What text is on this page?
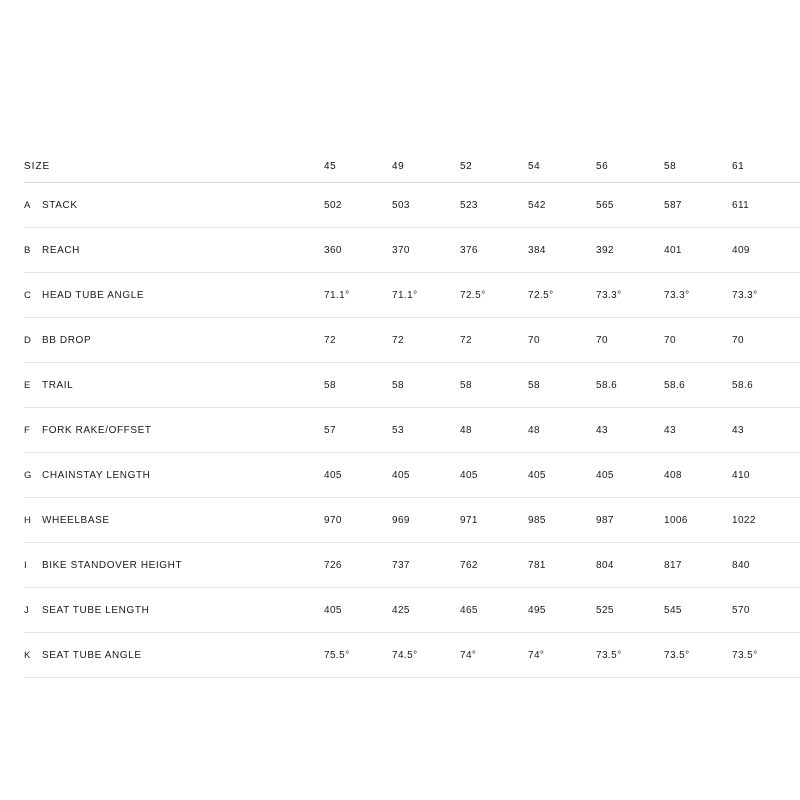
SIZE	45	49	52	54	56	58	61
A STACK	502	503	523	542	565	587	611
B REACH	360	370	376	384	392	401	409
C HEAD TUBE ANGLE	71.1°	71.1°	72.5°	72.5°	73.3°	73.3°	73.3°
D BB DROP	72	72	72	70	70	70	70
E TRAIL	58	58	58	58	58.6	58.6	58.6
F FORK RAKE/OFFSET	57	53	48	48	43	43	43
G CHAINSTAY LENGTH	405	405	405	405	405	408	410
H WHEELBASE	970	969	971	985	987	1006	1022
I BIKE STANDOVER HEIGHT	726	737	762	781	804	817	840
J SEAT TUBE LENGTH	405	425	465	495	525	545	570
K SEAT TUBE ANGLE	75.5°	74.5°	74°	74°	73.5°	73.5°	73.5°
